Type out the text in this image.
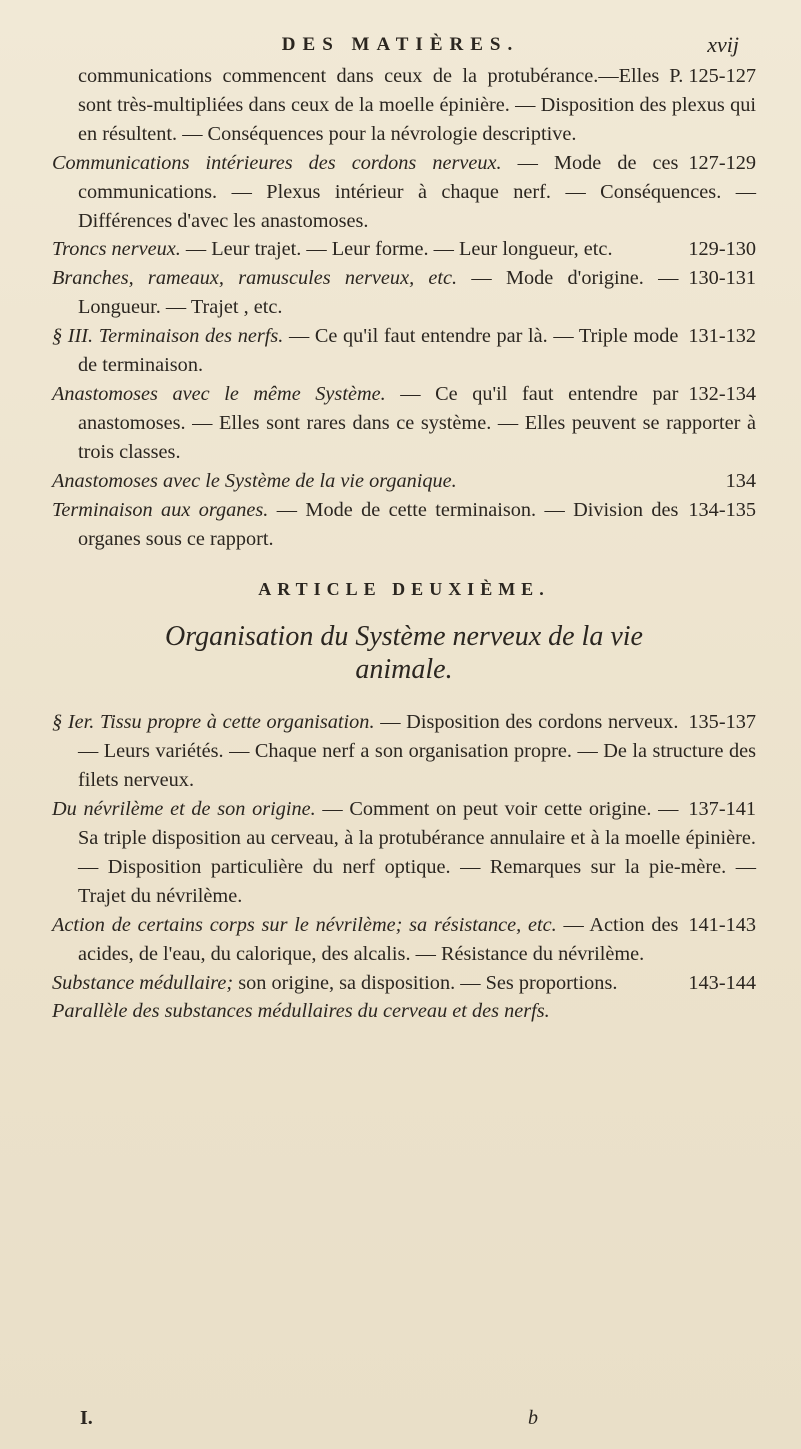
DES MATIÈRES.	xvij

P. 125-127
communications commencent dans ceux de la protubérance.—Elles sont très-multipliées dans ceux de la moelle épinière. — Disposition des plexus qui en résultent. — Conséquences pour la névrologie descriptive.

127-129
Communications intérieures des cordons nerveux. — Mode de ces communications. — Plexus intérieur à chaque nerf. — Conséquences. — Différences d'avec les anastomoses.

129-130
Troncs nerveux. — Leur trajet. — Leur forme. — Leur longueur, etc.

130-131
Branches, rameaux, ramuscules nerveux, etc. — Mode d'origine. — Longueur. — Trajet , etc.

131-132
§ III. Terminaison des nerfs. — Ce qu'il faut entendre par là. — Triple mode de terminaison.

132-134
Anastomoses avec le même Système. — Ce qu'il faut entendre par anastomoses. — Elles sont rares dans ce système. — Elles peuvent se rapporter à trois classes.

134
Anastomoses avec le Système de la vie organique.

134-135
Terminaison aux organes. — Mode de cette terminaison. — Division des organes sous ce rapport.

ARTICLE DEUXIÈME.
Organisation du Système nerveux de la vie
animale.

135-137
§ Ier. Tissu propre à cette organisation. — Disposition des cordons nerveux. — Leurs variétés. — Chaque nerf a son organisation propre. — De la structure des filets nerveux.

137-141
Du névrilème et de son origine. — Comment on peut voir cette origine. — Sa triple disposition au cerveau, à la protubérance annulaire et à la moelle épinière. — Disposition particulière du nerf optique. — Remarques sur la pie-mère. — Trajet du névrilème.

141-143
Action de certains corps sur le névrilème; sa résistance, etc. — Action des acides, de l'eau, du calorique, des alcalis. — Résistance du névrilème.

143-144
Substance médullaire; son origine, sa disposition. — Ses proportions.

Parallèle des substances médullaires du cerveau et des nerfs.

I.	b
